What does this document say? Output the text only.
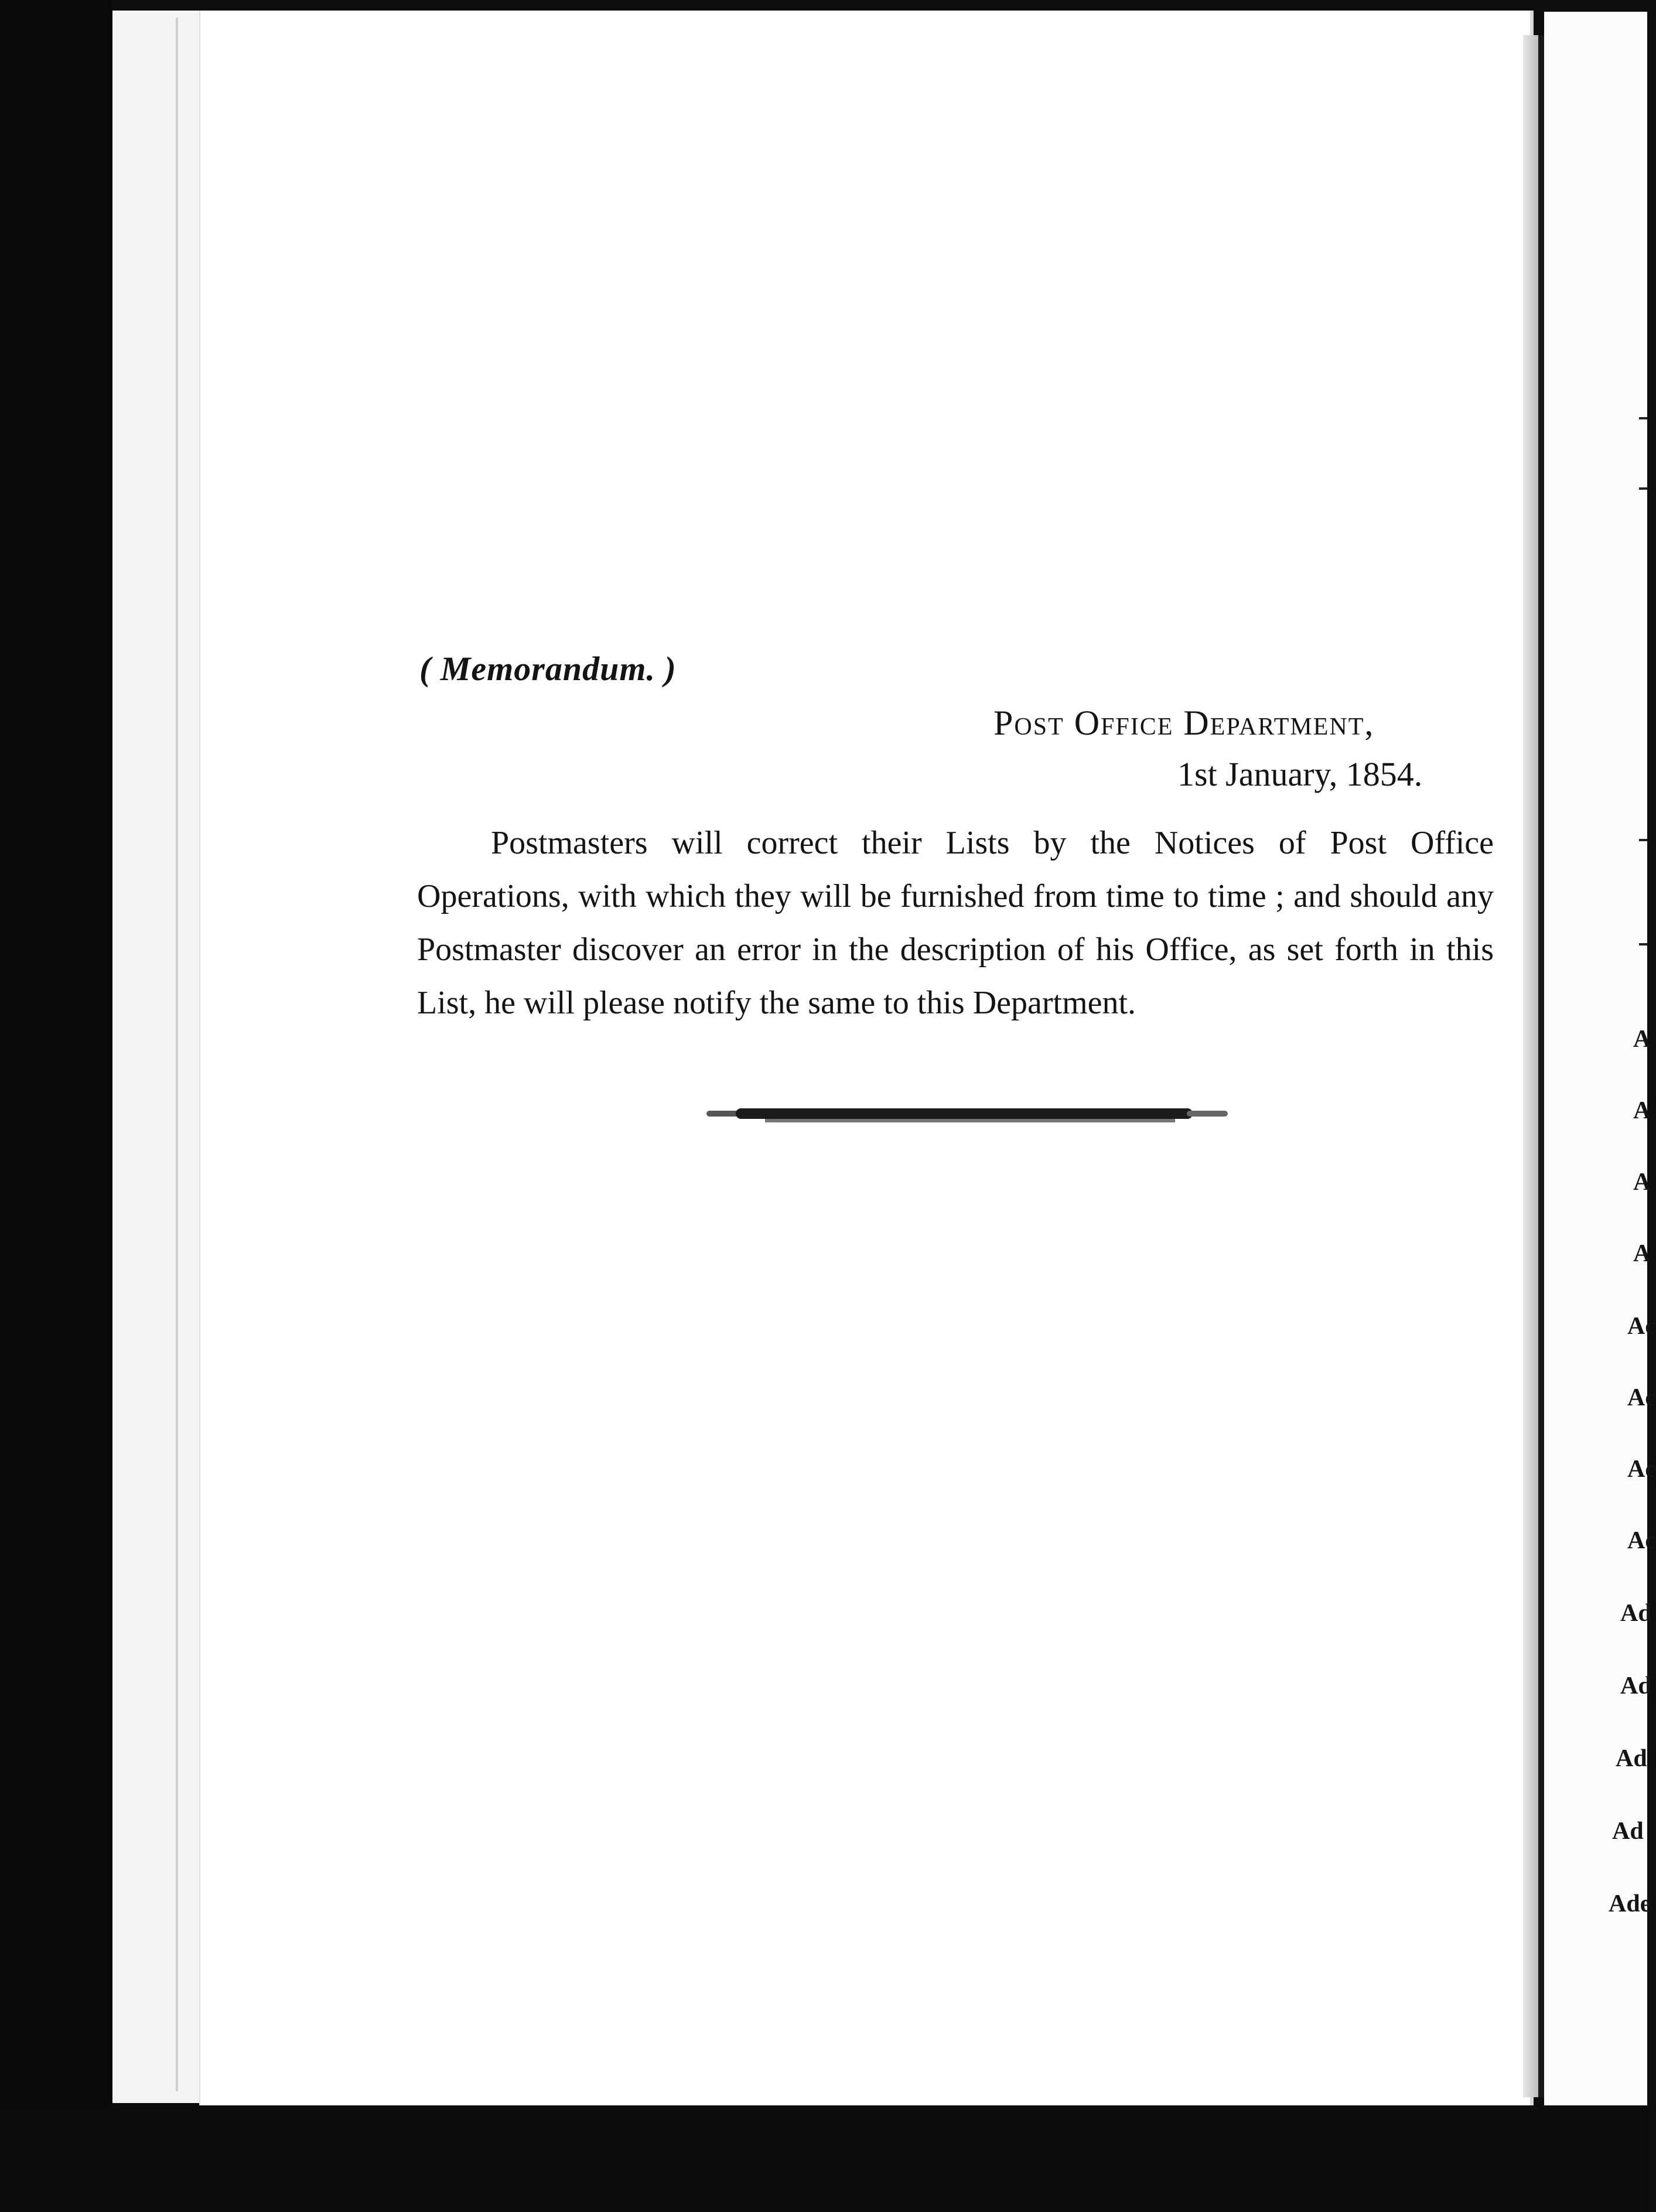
( Memorandum. )
Post Office Department,
1st January, 1854.
Postmasters will correct their Lists by the Notices of Post Office Operations, with which they will be furnished from time to time ; and should any Postmaster discover an error in the description of his Office, as set forth in this List, he will please notify the same to this Department.
A
A
A
A
Ac
Ac
Ac
Ac
Ad
Ad
Ad
Ad
Ade
